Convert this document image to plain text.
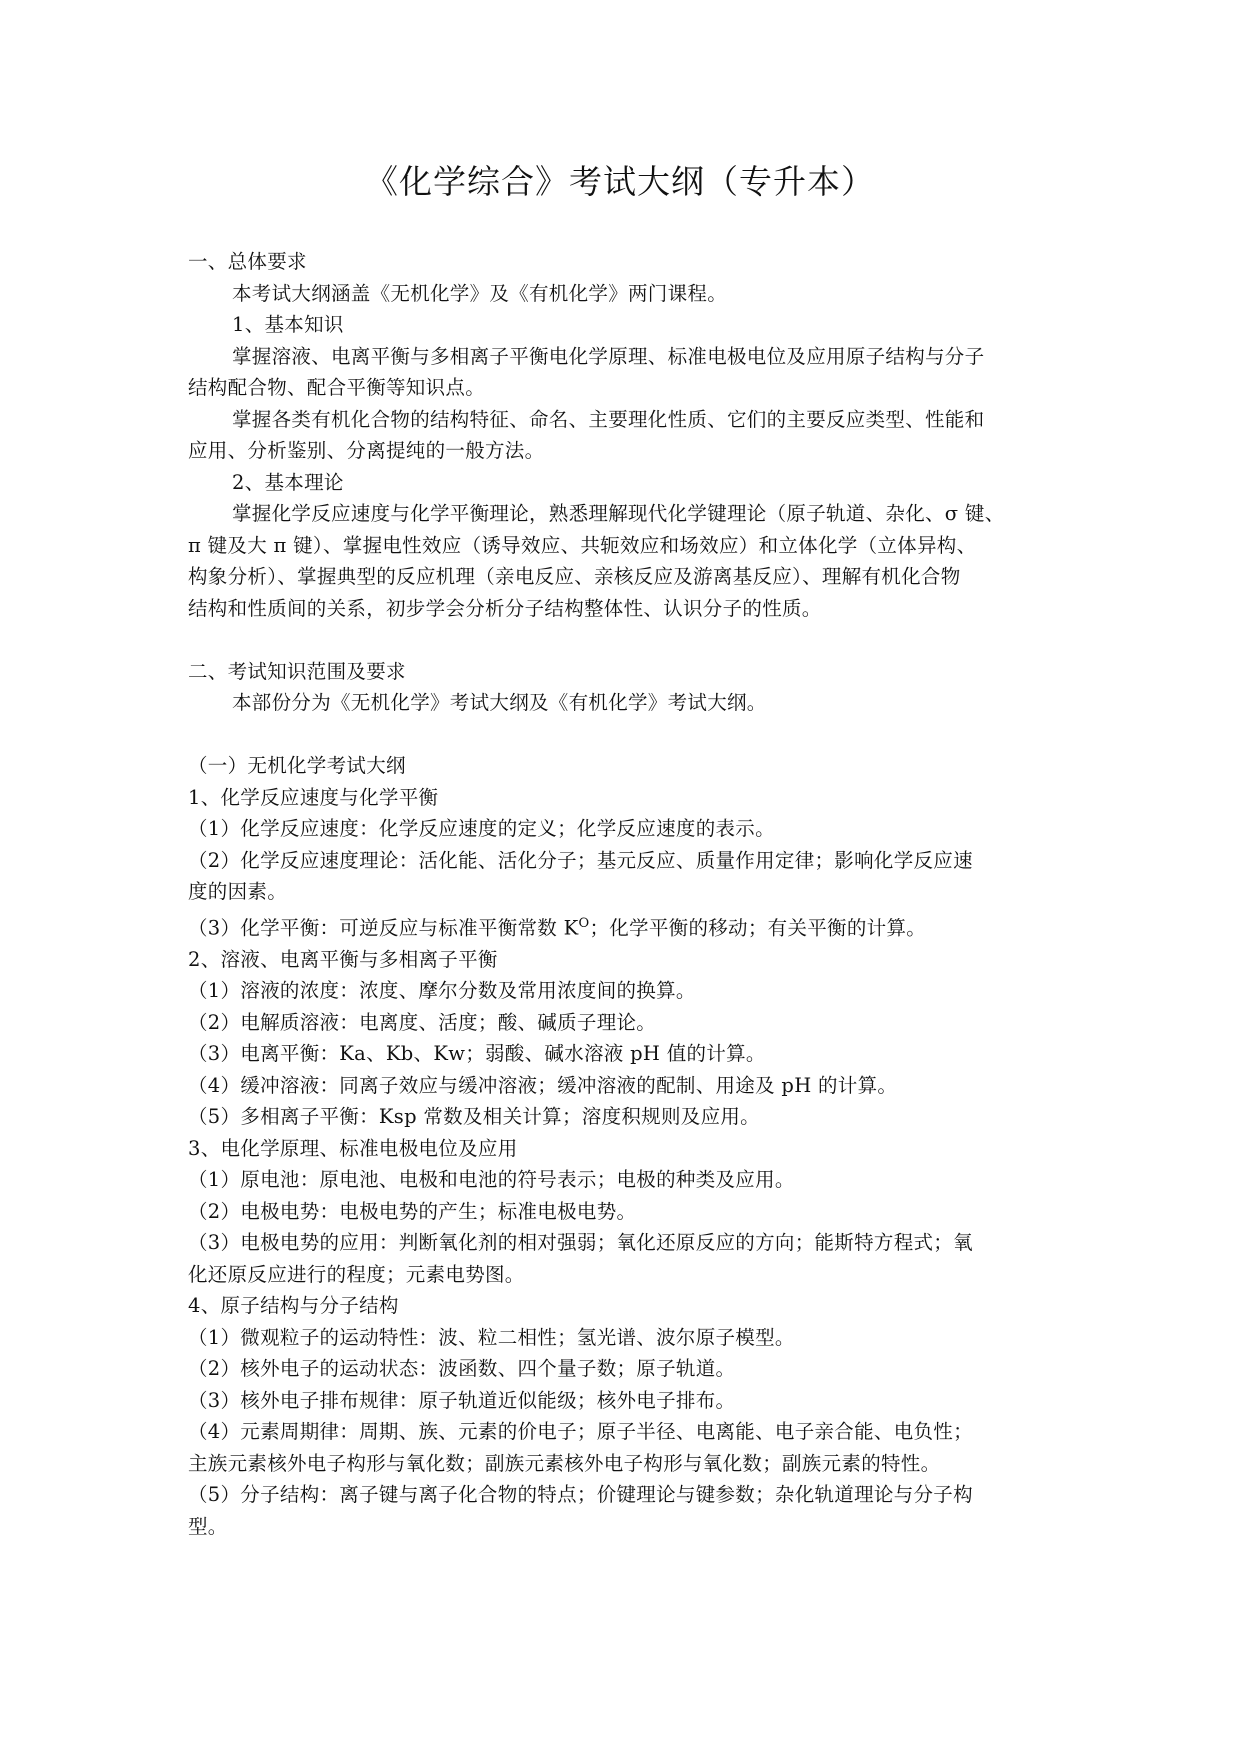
《化学综合》考试大纲（专升本）
一、总体要求
本考试大纲涵盖《无机化学》及《有机化学》两门课程。
1、基本知识
掌握溶液、电离平衡与多相离子平衡电化学原理、标准电极电位及应用原子结构与分子
结构配合物、配合平衡等知识点。
掌握各类有机化合物的结构特征、命名、主要理化性质、它们的主要反应类型、性能和
应用、分析鉴别、分离提纯的一般方法。
2、基本理论
掌握化学反应速度与化学平衡理论，熟悉理解现代化学键理论（原子轨道、杂化、σ 键、
π 键及大 π 键）、掌握电性效应（诱导效应、共轭效应和场效应）和立体化学（立体异构、
构象分析）、掌握典型的反应机理（亲电反应、亲核反应及游离基反应）、理解有机化合物
结构和性质间的关系，初步学会分析分子结构整体性、认识分子的性质。
二、考试知识范围及要求
本部份分为《无机化学》考试大纲及《有机化学》考试大纲。
（一）无机化学考试大纲
1、化学反应速度与化学平衡
（1）化学反应速度：化学反应速度的定义；化学反应速度的表示。
（2）化学反应速度理论：活化能、活化分子；基元反应、质量作用定律；影响化学反应速
度的因素。
（3）化学平衡：可逆反应与标准平衡常数 $K^O$；化学平衡的移动；有关平衡的计算。
2、溶液、电离平衡与多相离子平衡
（1）溶液的浓度：浓度、摩尔分数及常用浓度间的换算。
（2）电解质溶液：电离度、活度；酸、碱质子理论。
（3）电离平衡：Ka、Kb、Kw；弱酸、碱水溶液 pH 值的计算。
（4）缓冲溶液：同离子效应与缓冲溶液；缓冲溶液的配制、用途及 pH 的计算。
（5）多相离子平衡：Ksp 常数及相关计算；溶度积规则及应用。
3、电化学原理、标准电极电位及应用
（1）原电池：原电池、电极和电池的符号表示；电极的种类及应用。
（2）电极电势：电极电势的产生；标准电极电势。
（3）电极电势的应用：判断氧化剂的相对强弱；氧化还原反应的方向；能斯特方程式；氧
化还原反应进行的程度；元素电势图。
4、原子结构与分子结构
（1）微观粒子的运动特性：波、粒二相性；氢光谱、波尔原子模型。
（2）核外电子的运动状态：波函数、四个量子数；原子轨道。
（3）核外电子排布规律：原子轨道近似能级；核外电子排布。
（4）元素周期律：周期、族、元素的价电子；原子半径、电离能、电子亲合能、电负性；
主族元素核外电子构形与氧化数；副族元素核外电子构形与氧化数；副族元素的特性。
（5）分子结构：离子键与离子化合物的特点；价键理论与键参数；杂化轨道理论与分子构
型。
